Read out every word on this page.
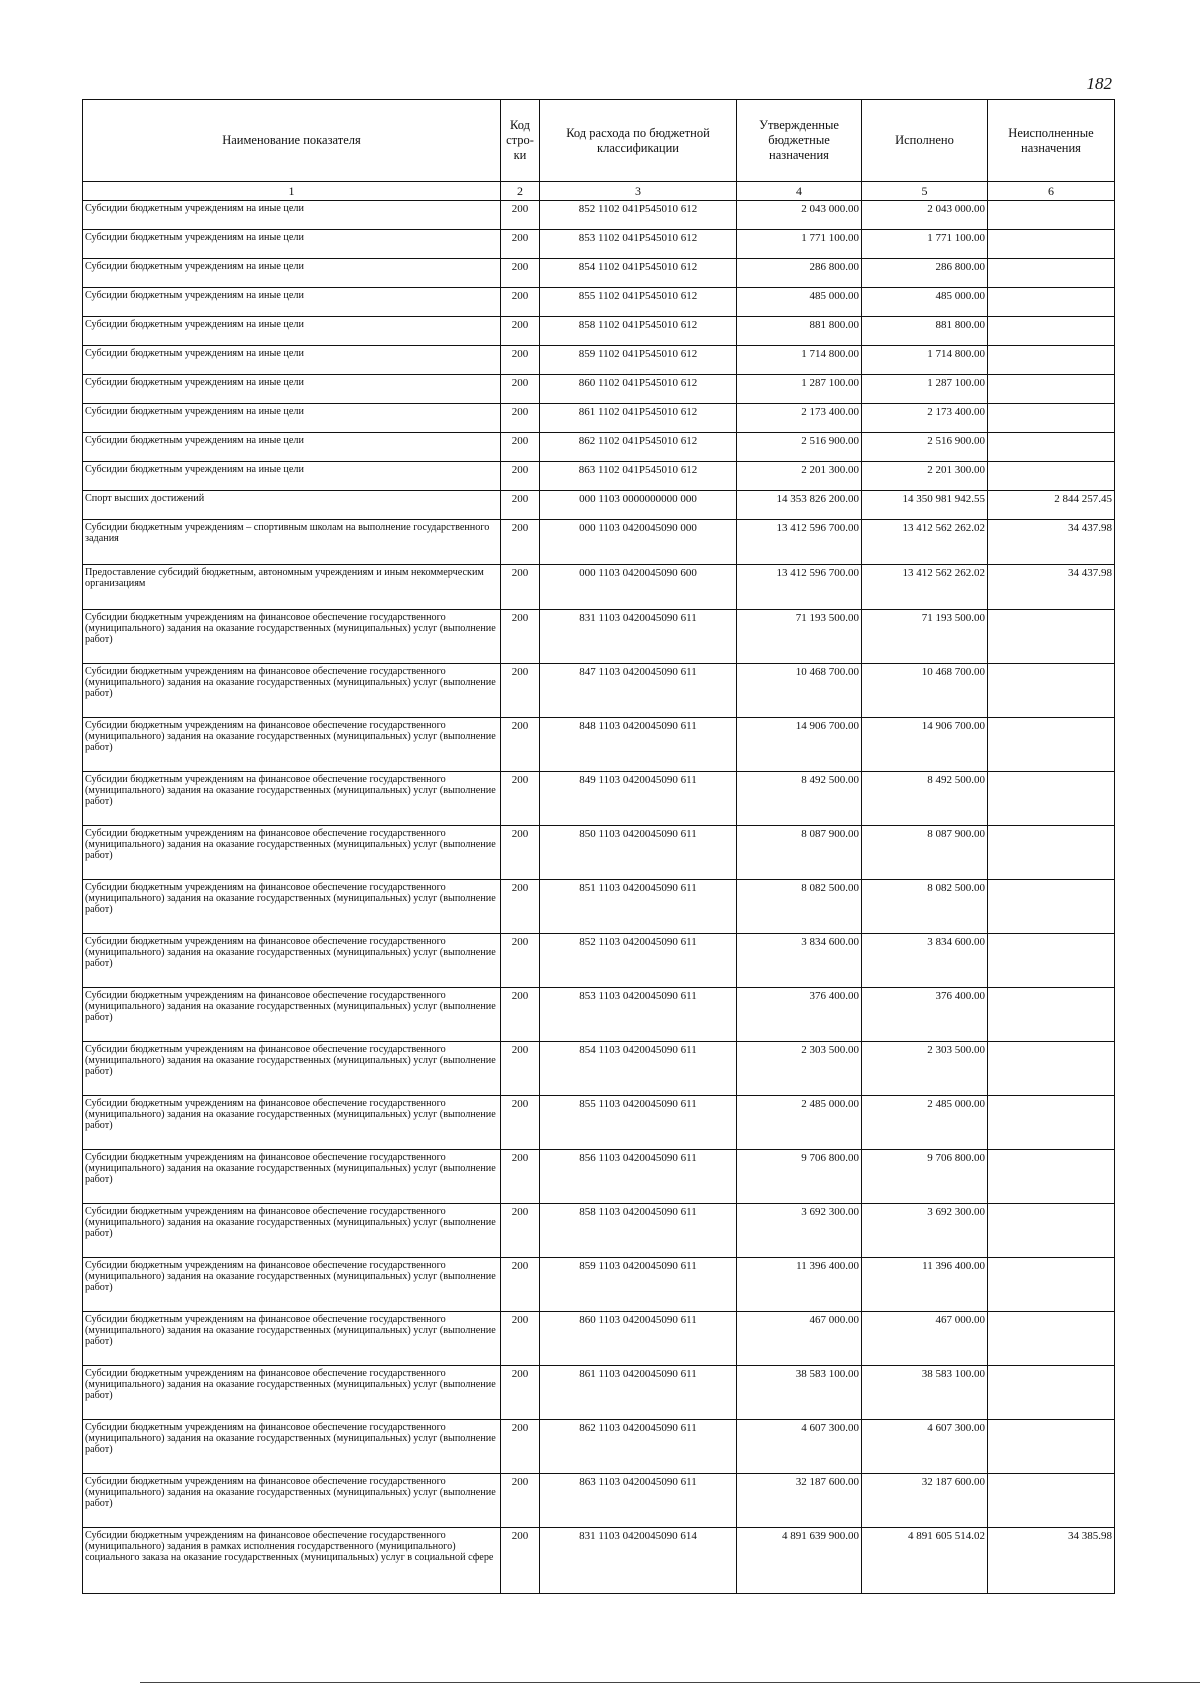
182
Наименование показателя	Код стро-ки	Код расхода по бюджетной классификации	Утвержденные бюджетные назначения	Исполнено	Неисполненные назначения
1	2	3	4	5	6
Субсидии бюджетным учреждениям на иные цели	200	852 1102 041P545010 612	2 043 000.00	2 043 000.00	
Субсидии бюджетным учреждениям на иные цели	200	853 1102 041P545010 612	1 771 100.00	1 771 100.00	
Субсидии бюджетным учреждениям на иные цели	200	854 1102 041P545010 612	286 800.00	286 800.00	
Субсидии бюджетным учреждениям на иные цели	200	855 1102 041P545010 612	485 000.00	485 000.00	
Субсидии бюджетным учреждениям на иные цели	200	858 1102 041P545010 612	881 800.00	881 800.00	
Субсидии бюджетным учреждениям на иные цели	200	859 1102 041P545010 612	1 714 800.00	1 714 800.00	
Субсидии бюджетным учреждениям на иные цели	200	860 1102 041P545010 612	1 287 100.00	1 287 100.00	
Субсидии бюджетным учреждениям на иные цели	200	861 1102 041P545010 612	2 173 400.00	2 173 400.00	
Субсидии бюджетным учреждениям на иные цели	200	862 1102 041P545010 612	2 516 900.00	2 516 900.00	
Субсидии бюджетным учреждениям на иные цели	200	863 1102 041P545010 612	2 201 300.00	2 201 300.00	
Спорт высших достижений	200	000 1103 0000000000 000	14 353 826 200.00	14 350 981 942.55	2 844 257.45
Субсидии бюджетным учреждениям – спортивным школам на выполнение государственного задания	200	000 1103 0420045090 000	13 412 596 700.00	13 412 562 262.02	34 437.98
Предоставление субсидий бюджетным, автономным учреждениям и иным некоммерческим организациям	200	000 1103 0420045090 600	13 412 596 700.00	13 412 562 262.02	34 437.98
Субсидии бюджетным учреждениям на финансовое обеспечение государственного (муниципального) задания на оказание государственных (муниципальных) услуг (выполнение работ)	200	831 1103 0420045090 611	71 193 500.00	71 193 500.00	
Субсидии бюджетным учреждениям на финансовое обеспечение государственного (муниципального) задания на оказание государственных (муниципальных) услуг (выполнение работ)	200	847 1103 0420045090 611	10 468 700.00	10 468 700.00	
Субсидии бюджетным учреждениям на финансовое обеспечение государственного (муниципального) задания на оказание государственных (муниципальных) услуг (выполнение работ)	200	848 1103 0420045090 611	14 906 700.00	14 906 700.00	
Субсидии бюджетным учреждениям на финансовое обеспечение государственного (муниципального) задания на оказание государственных (муниципальных) услуг (выполнение работ)	200	849 1103 0420045090 611	8 492 500.00	8 492 500.00	
Субсидии бюджетным учреждениям на финансовое обеспечение государственного (муниципального) задания на оказание государственных (муниципальных) услуг (выполнение работ)	200	850 1103 0420045090 611	8 087 900.00	8 087 900.00	
Субсидии бюджетным учреждениям на финансовое обеспечение государственного (муниципального) задания на оказание государственных (муниципальных) услуг (выполнение работ)	200	851 1103 0420045090 611	8 082 500.00	8 082 500.00	
Субсидии бюджетным учреждениям на финансовое обеспечение государственного (муниципального) задания на оказание государственных (муниципальных) услуг (выполнение работ)	200	852 1103 0420045090 611	3 834 600.00	3 834 600.00	
Субсидии бюджетным учреждениям на финансовое обеспечение государственного (муниципального) задания на оказание государственных (муниципальных) услуг (выполнение работ)	200	853 1103 0420045090 611	376 400.00	376 400.00	
Субсидии бюджетным учреждениям на финансовое обеспечение государственного (муниципального) задания на оказание государственных (муниципальных) услуг (выполнение работ)	200	854 1103 0420045090 611	2 303 500.00	2 303 500.00	
Субсидии бюджетным учреждениям на финансовое обеспечение государственного (муниципального) задания на оказание государственных (муниципальных) услуг (выполнение работ)	200	855 1103 0420045090 611	2 485 000.00	2 485 000.00	
Субсидии бюджетным учреждениям на финансовое обеспечение государственного (муниципального) задания на оказание государственных (муниципальных) услуг (выполнение работ)	200	856 1103 0420045090 611	9 706 800.00	9 706 800.00	
Субсидии бюджетным учреждениям на финансовое обеспечение государственного (муниципального) задания на оказание государственных (муниципальных) услуг (выполнение работ)	200	858 1103 0420045090 611	3 692 300.00	3 692 300.00	
Субсидии бюджетным учреждениям на финансовое обеспечение государственного (муниципального) задания на оказание государственных (муниципальных) услуг (выполнение работ)	200	859 1103 0420045090 611	11 396 400.00	11 396 400.00	
Субсидии бюджетным учреждениям на финансовое обеспечение государственного (муниципального) задания на оказание государственных (муниципальных) услуг (выполнение работ)	200	860 1103 0420045090 611	467 000.00	467 000.00	
Субсидии бюджетным учреждениям на финансовое обеспечение государственного (муниципального) задания на оказание государственных (муниципальных) услуг (выполнение работ)	200	861 1103 0420045090 611	38 583 100.00	38 583 100.00	
Субсидии бюджетным учреждениям на финансовое обеспечение государственного (муниципального) задания на оказание государственных (муниципальных) услуг (выполнение работ)	200	862 1103 0420045090 611	4 607 300.00	4 607 300.00	
Субсидии бюджетным учреждениям на финансовое обеспечение государственного (муниципального) задания на оказание государственных (муниципальных) услуг (выполнение работ)	200	863 1103 0420045090 611	32 187 600.00	32 187 600.00	
Субсидии бюджетным учреждениям на финансовое обеспечение государственного (муниципального) задания в рамках исполнения государственного (муниципального) социального заказа на оказание государственных (муниципальных) услуг в социальной сфере	200	831 1103 0420045090 614	4 891 639 900.00	4 891 605 514.02	34 385.98
